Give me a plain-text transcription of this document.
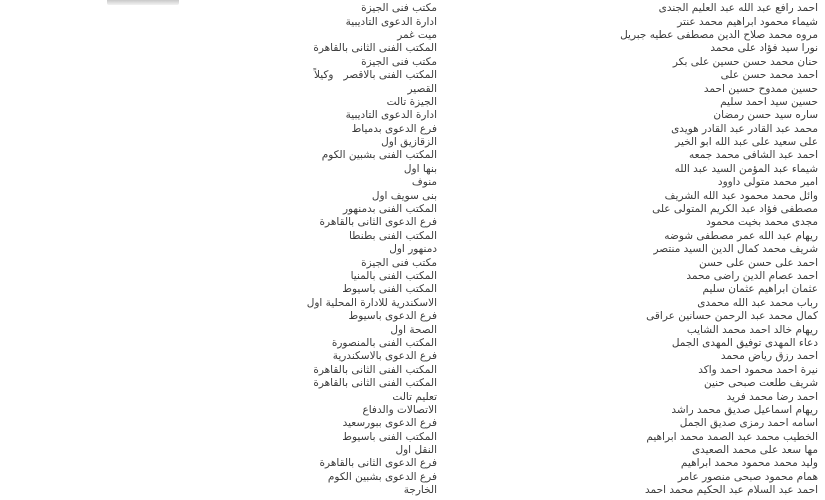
احمد رافع عبد الله عبد العليم الجندى
مكتب فنى الجيزة
شيماء محمود ابراهيم محمد عنتر
ادارة الدعوى التاديبية
مروه محمد صلاح الدين مصطفى عطيه جبريل
ميت غمر
نورا سيد فؤاد على محمد
المكتب الفنى الثانى بالقاهرة
حنان محمد حسن حسين على بكر
مكتب فنى الجيزة
احمد محمد حسن على
المكتب الفنى بالاقصر   وكيلاً
حسين ممدوح حسين احمد
القصير
حسين سيد احمد سليم
الجيزة تالت
ساره سيد حسن رمضان
ادارة الدعوى التاديبية
محمد عبد القادر عبد القادر هويدى
فرع الدعوى بدمياط
على سعيد على عبد الله ابو الخير
الزقازيق اول
احمد عبد الشافى محمد جمعه
المكتب الفنى بشبين الكوم
شيماء عبد المؤمن السيد عبد الله
بنها اول
امير محمد متولى داوود
منوف
وائل محمد محمود عبد الله الشريف
بنى سويف اول
مصطفى فؤاد عبد الكريم المتولى على
المكتب الفنى بدمنهور
مجدى محمد بخيت محمود
فرع الدعوى الثانى بالقاهرة
ريهام عبد الله عمر مصطفى شوضه
المكتب الفنى بطنطا
شريف محمد كمال الدين السيد منتصر
دمنهور اول
احمد على حسن على حسن
مكتب فنى الجيزة
احمد عصام الدين راضى محمد
المكتب الفنى بالمنيا
عثمان ابراهيم عثمان سليم
المكتب الفنى باسيوط
رباب محمد عبد الله محمدى
الاسكندرية للادارة المحلية اول
كمال محمد عبد الرحمن حسانين عراقى
فرع الدعوى باسيوط
ريهام خالد احمد محمد الشايب
الصحة اول
دعاء المهدى توفيق المهدى الجمل
المكتب الفنى بالمنصورة
احمد رزق رياض محمد
فرع الدعوى بالاسكندرية
نيرة احمد محمود احمد واكد
المكتب الفنى الثانى بالقاهرة
شريف طلعت صبحى حنين
المكتب الفنى الثانى بالقاهرة
احمد رضا محمد فريد
تعليم تالت
ريهام اسماعيل صديق محمد راشد
الاتصالات والدفاع
اسامه احمد رمزى صديق الجمل
فرع الدعوى ببورسعيد
الخطيب محمد عبد الصمد محمد ابراهيم
المكتب الفنى باسيوط
مها سعد على محمد الصعيدى
النقل اول
وليد محمد محمود محمد ابراهيم
فرع الدعوى الثانى بالقاهرة
همام محمود صبحى منصور عامر
فرع الدعوى بشبين الكوم
احمد عبد السلام عبد الحكيم محمد احمد
الخارجة
